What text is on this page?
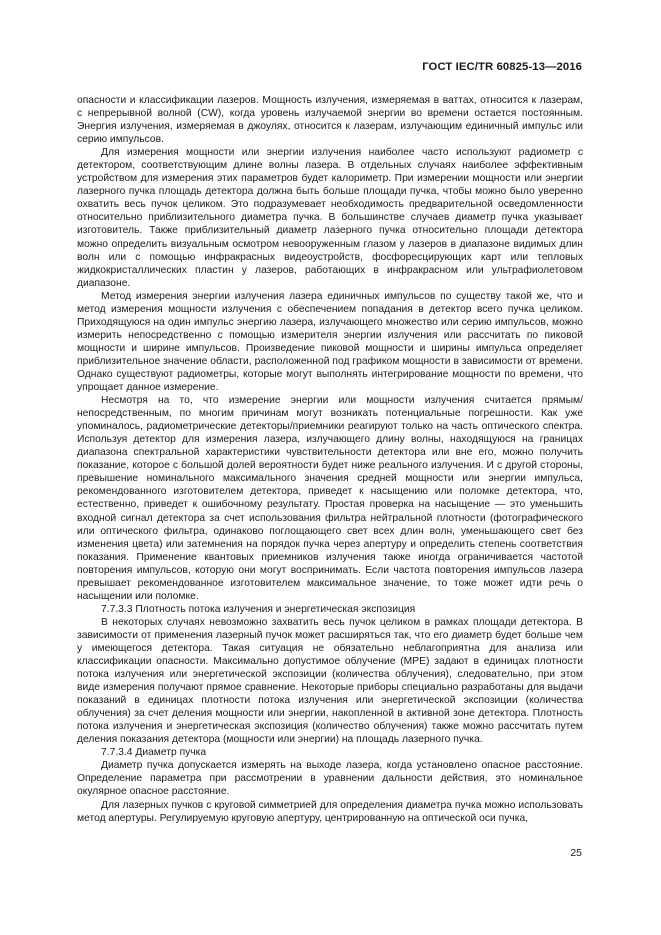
ГОСТ IEC/TR 60825-13—2016

опасности и классификации лазеров. Мощность излучения, измеряемая в ваттах, относится к лазерам, с непрерывной волной (CW), когда уровень излучаемой энергии во времени остается постоянным. Энергия излучения, измеряемая в джоулях, относится к лазерам, излучающим единичный импульс или серию импульсов.

Для измерения мощности или энергии излучения наиболее часто используют радиометр с детектором, соответствующим длине волны лазера. В отдельных случаях наиболее эффективным устройством для измерения этих параметров будет калориметр. При измерении мощности или энергии лазерного пучка площадь детектора должна быть больше площади пучка, чтобы можно было уверенно охватить весь пучок целиком. Это подразумевает необходимость предварительной осведомленности относительно приблизительного диаметра пучка. В большинстве случаев диаметр пучка указывает изготовитель. Также приблизительный диаметр лазерного пучка относительно площади детектора можно определить визуальным осмотром невооруженным глазом у лазеров в диапазоне видимых длин волн или с помощью инфракрасных видеоустройств, фосфоресцирующих карт или тепловых жидкокристаллических пластин у лазеров, работающих в инфракрасном или ультрафиолетовом диапазоне.

Метод измерения энергии излучения лазера единичных импульсов по существу такой же, что и метод измерения мощности излучения с обеспечением попадания в детектор всего пучка целиком. Приходящуюся на один импульс энергию лазера, излучающего множество или серию импульсов, можно измерить непосредственно с помощью измерителя энергии излучения или рассчитать по пиковой мощности и ширине импульсов. Произведение пиковой мощности и ширины импульса определяет приблизительное значение области, расположенной под графиком мощности в зависимости от времени. Однако существуют радиометры, которые могут выполнять интегрирование мощности по времени, что упрощает данное измерение.

Несмотря на то, что измерение энергии или мощности излучения считается прямым/непосредственным, по многим причинам могут возникать потенциальные погрешности. Как уже упоминалось, радиометрические детекторы/приемники реагируют только на часть оптического спектра. Используя детектор для измерения лазера, излучающего длину волны, находящуюся на границах диапазона спектральной характеристики чувствительности детектора или вне его, можно получить показание, которое с большой долей вероятности будет ниже реального излучения. И с другой стороны, превышение номинального максимального значения средней мощности или энергии импульса, рекомендованного изготовителем детектора, приведет к насыщению или поломке детектора, что, естественно, приведет к ошибочному результату. Простая проверка на насыщение — это уменьшить входной сигнал детектора за счет использования фильтра нейтральной плотности (фотографического или оптического фильтра, одинаково поглощающего свет всех длин волн, уменьшающего свет без изменения цвета) или затемнения на порядок пучка через апертуру и определить степень соответствия показания. Применение квантовых приемников излучения также иногда ограничивается частотой повторения импульсов, которую они могут воспринимать. Если частота повторения импульсов лазера превышает рекомендованное изготовителем максимальное значение, то тоже может идти речь о насыщении или поломке.

7.7.3.3 Плотность потока излучения и энергетическая экспозиция

В некоторых случаях невозможно захватить весь пучок целиком в рамках площади детектора. В зависимости от применения лазерный пучок может расширяться так, что его диаметр будет больше чем у имеющегося детектора. Такая ситуация не обязательно неблагоприятна для анализа или классификации опасности. Максимально допустимое облучение (МРЕ) задают в единицах плотности потока излучения или энергетической экспозиции (количества облучения), следовательно, при этом виде измерения получают прямое сравнение. Некоторые приборы специально разработаны для выдачи показаний в единицах плотности потока излучения или энергетической экспозиции (количества облучения) за счет деления мощности или энергии, накопленной в активной зоне детектора. Плотность потока излучения и энергетическая экспозиция (количество облучения) также можно рассчитать путем деления показания детектора (мощности или энергии) на площадь лазерного пучка.

7.7.3.4 Диаметр пучка

Диаметр пучка допускается измерять на выходе лазера, когда установлено опасное расстояние. Определение параметра при рассмотрении в уравнении дальности действия, это номинальное окулярное опасное расстояние.

Для лазерных пучков с круговой симметрией для определения диаметра пучка можно использовать метод апертуры. Регулируемую круговую апертуру, центрированную на оптической оси пучка,

25
